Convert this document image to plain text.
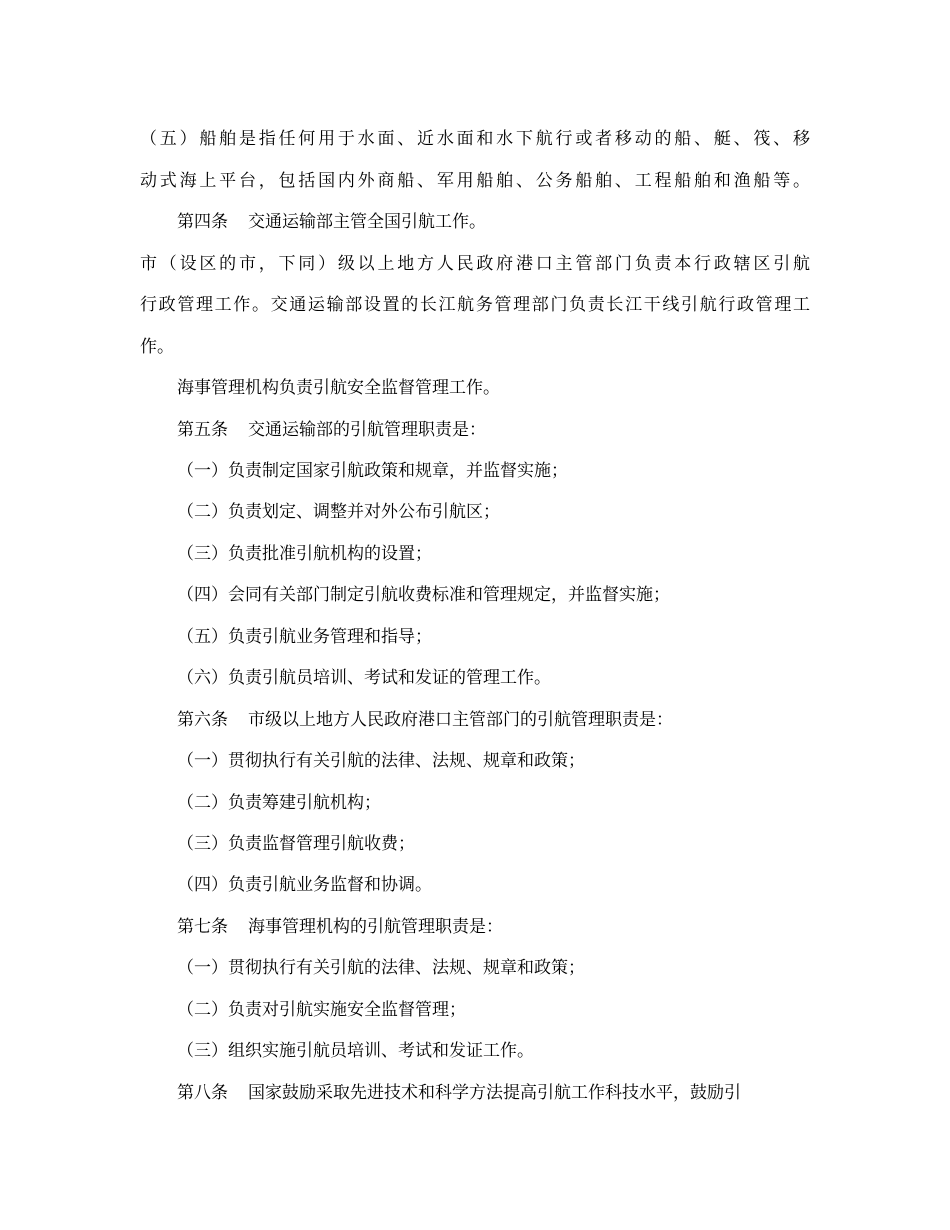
（五）船舶是指任何用于水面、近水面和水下航行或者移动的船、艇、筏、移
动式海上平台，包括国内外商船、军用船舶、公务船舶、工程船舶和渔船等。
第四条 交通运输部主管全国引航工作。
市（设区的市，下同）级以上地方人民政府港口主管部门负责本行政辖区引航
行政管理工作。交通运输部设置的长江航务管理部门负责长江干线引航行政管理工
作。
海事管理机构负责引航安全监督管理工作。
第五条 交通运输部的引航管理职责是：
（一）负责制定国家引航政策和规章，并监督实施；
（二）负责划定、调整并对外公布引航区；
（三）负责批准引航机构的设置；
（四）会同有关部门制定引航收费标准和管理规定，并监督实施；
（五）负责引航业务管理和指导；
（六）负责引航员培训、考试和发证的管理工作。
第六条 市级以上地方人民政府港口主管部门的引航管理职责是：
（一）贯彻执行有关引航的法律、法规、规章和政策；
（二）负责筹建引航机构；
（三）负责监督管理引航收费；
（四）负责引航业务监督和协调。
第七条 海事管理机构的引航管理职责是：
（一）贯彻执行有关引航的法律、法规、规章和政策；
（二）负责对引航实施安全监督管理；
（三）组织实施引航员培训、考试和发证工作。
第八条 国家鼓励采取先进技术和科学方法提高引航工作科技水平，鼓励引
